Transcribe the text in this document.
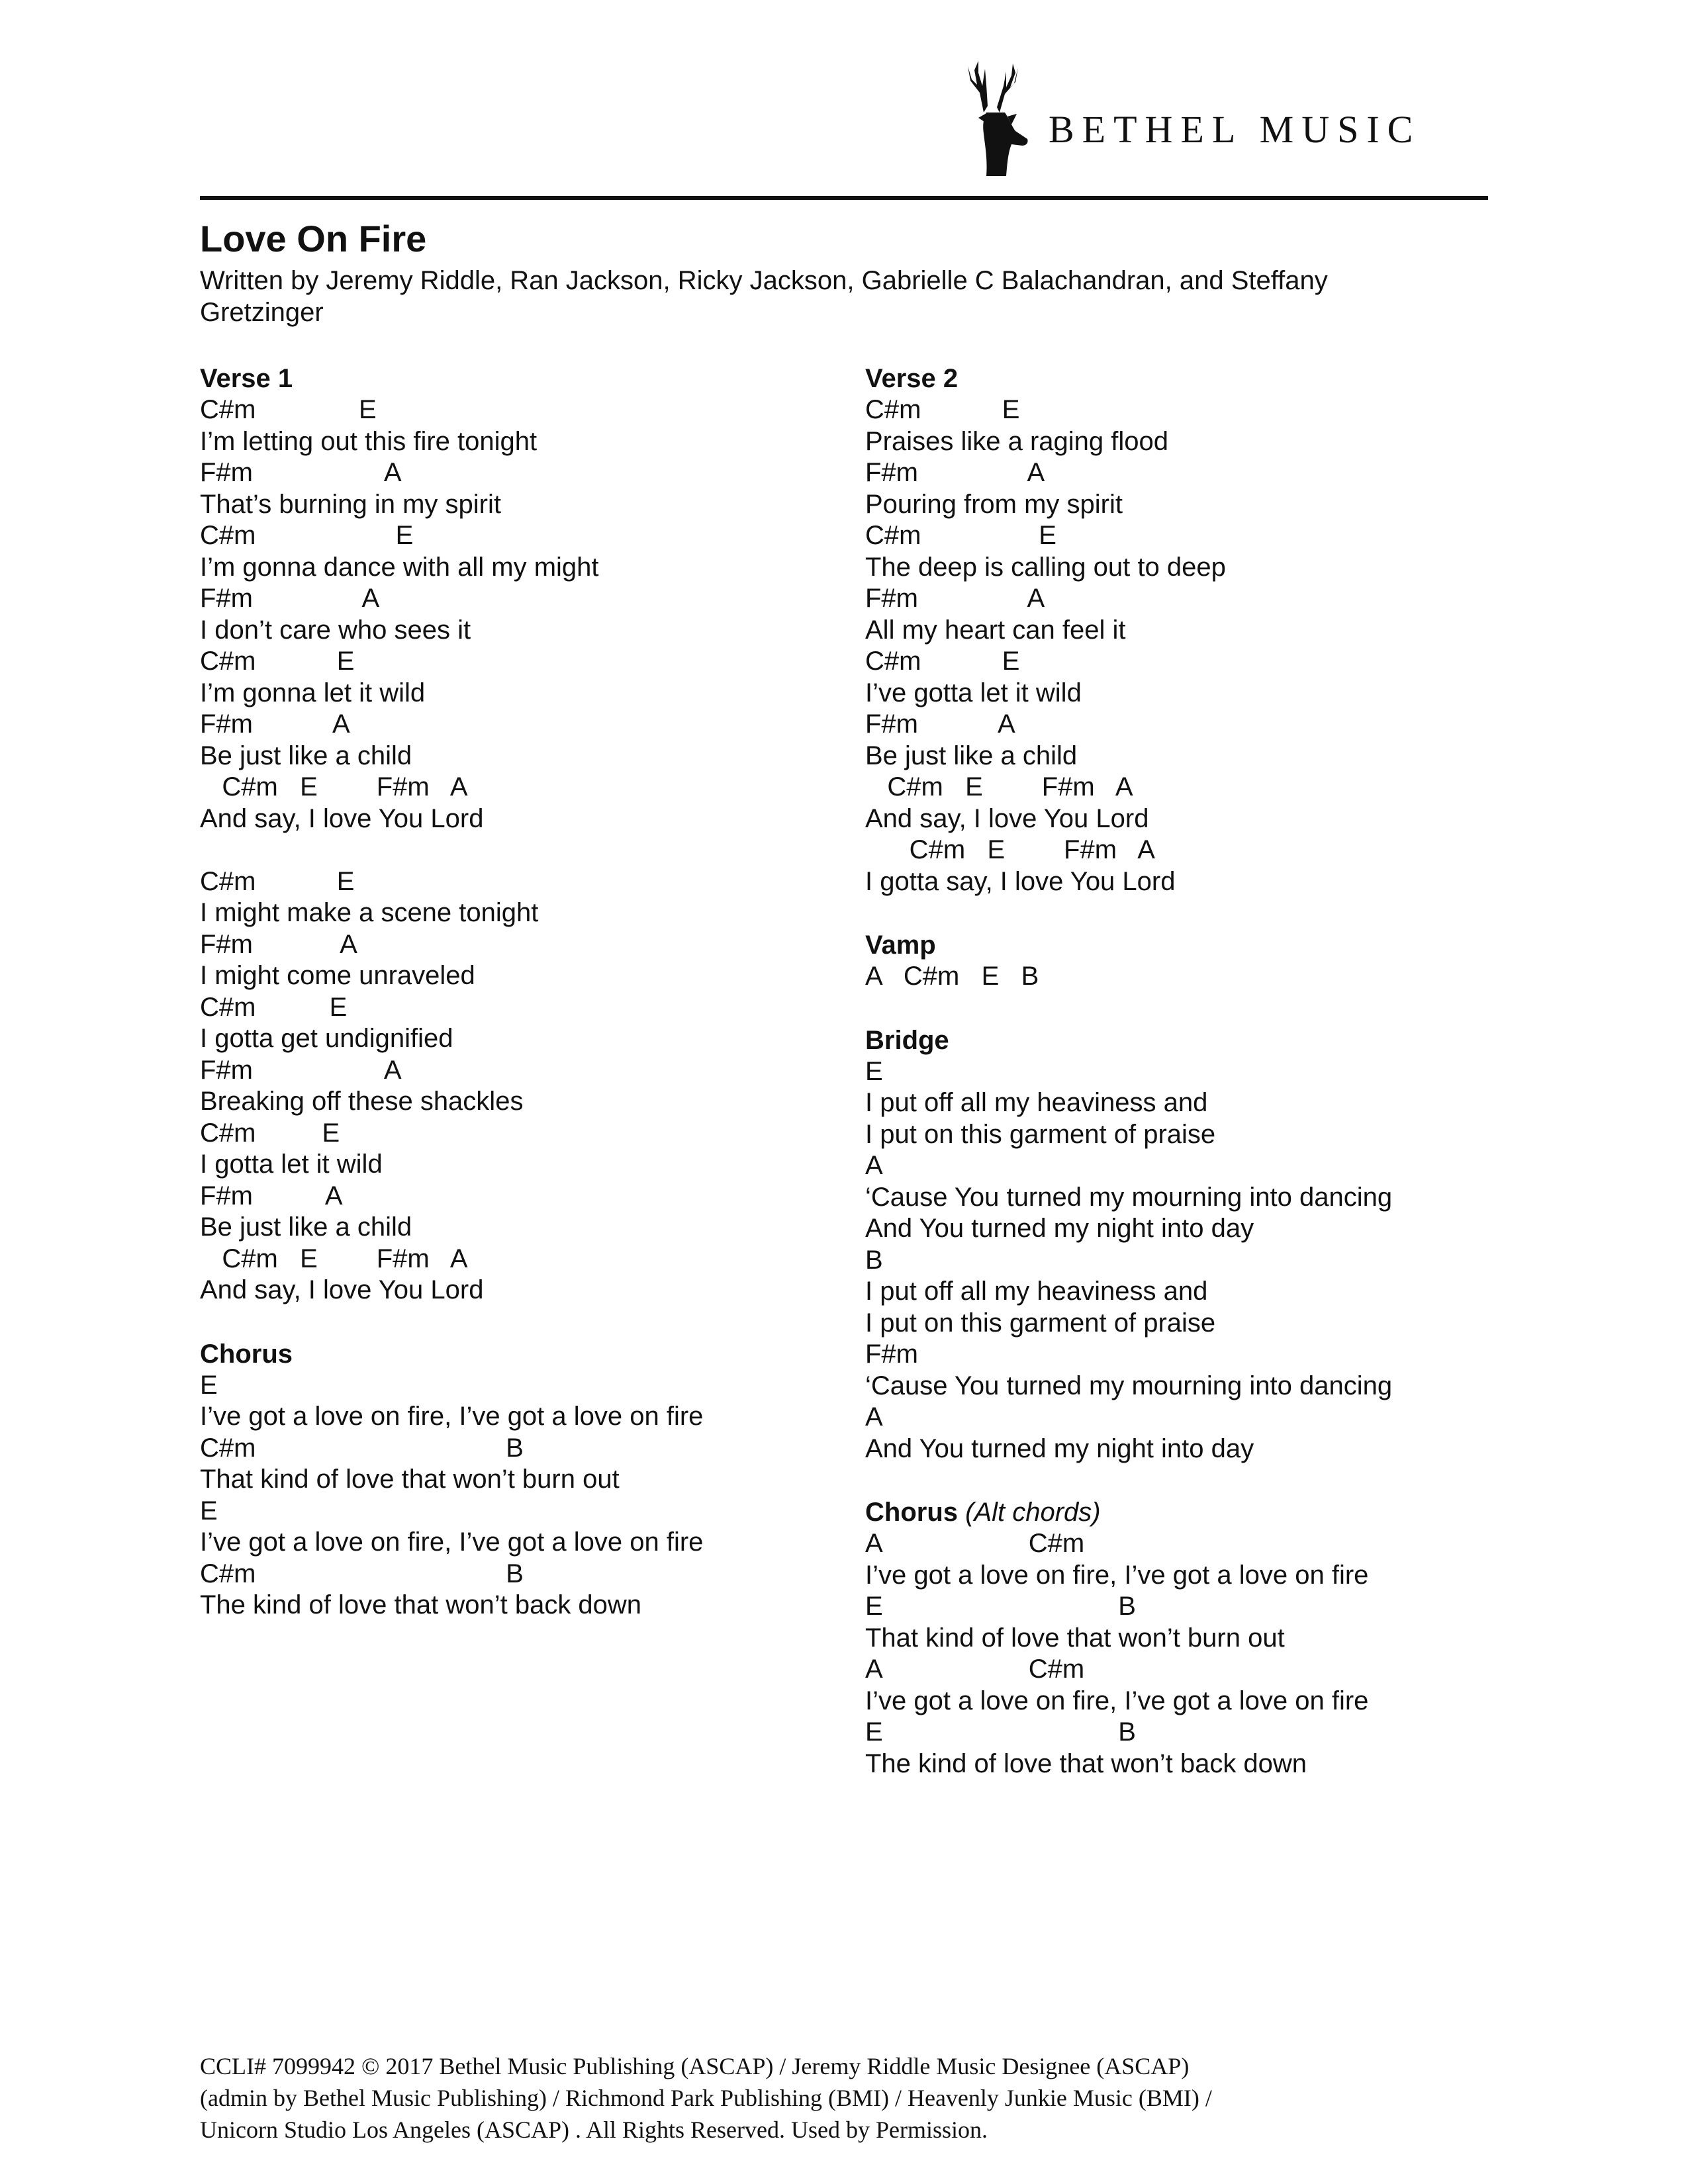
BETHEL MUSIC
Love On Fire
Written by Jeremy Riddle, Ran Jackson, Ricky Jackson, Gabrielle C Balachandran, and Steffany Gretzinger
Verse 1
C#m              E
I’m letting out this fire tonight
F#m                  A
That’s burning in my spirit
C#m                   E
I’m gonna dance with all my might
F#m               A
I don’t care who sees it
C#m           E
I’m gonna let it wild
F#m           A
Be just like a child
C#m   E        F#m   A
And say, I love You Lord
C#m           E
I might make a scene tonight
F#m            A
I might come unraveled
C#m          E
I gotta get undignified
F#m                  A
Breaking off these shackles
C#m         E
I gotta let it wild
F#m          A
Be just like a child
C#m   E        F#m   A
And say, I love You Lord
Chorus
E
I’ve got a love on fire, I’ve got a love on fire
C#m                                  B
That kind of love that won’t burn out
E
I’ve got a love on fire, I’ve got a love on fire
C#m                                  B
The kind of love that won’t back down
Verse 2
C#m           E
Praises like a raging flood
F#m               A
Pouring from my spirit
C#m                E
The deep is calling out to deep
F#m               A
All my heart can feel it
C#m           E
I’ve gotta let it wild
F#m           A
Be just like a child
C#m   E        F#m   A
And say, I love You Lord
C#m   E        F#m   A
I gotta say, I love You Lord
Vamp
A   C#m   E   B
Bridge
E
I put off all my heaviness and
I put on this garment of praise
A
‘Cause You turned my mourning into dancing
And You turned my night into day
B
I put off all my heaviness and
I put on this garment of praise
F#m
‘Cause You turned my mourning into dancing
A
And You turned my night into day
Chorus (Alt chords)
A                    C#m
I’ve got a love on fire, I’ve got a love on fire
E                                B
That kind of love that won’t burn out
A                    C#m
I’ve got a love on fire, I’ve got a love on fire
E                                B
The kind of love that won’t back down
CCLI# 7099942 © 2017 Bethel Music Publishing (ASCAP) / Jeremy Riddle Music Designee (ASCAP)
(admin by Bethel Music Publishing) / Richmond Park Publishing (BMI) / Heavenly Junkie Music (BMI) /
Unicorn Studio Los Angeles (ASCAP) . All Rights Reserved. Used by Permission.
